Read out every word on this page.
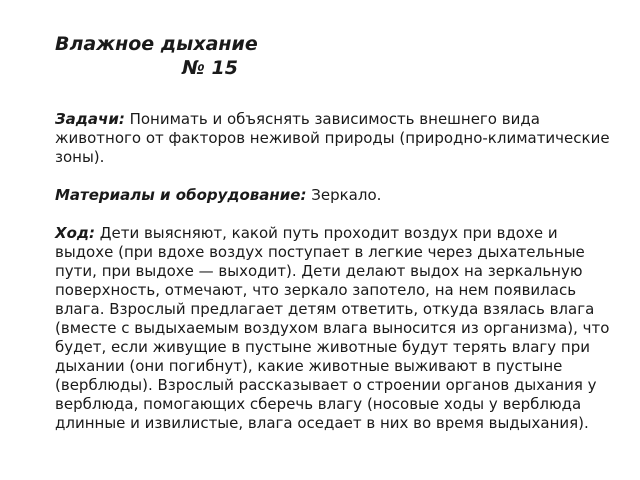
Влажное дыхание
№ 15

Задачи: Понимать и объяснять зависимость внешнего вида животного от факторов неживой природы (природно-климатические зоны).

Материалы и оборудование: Зеркало.

Ход: Дети выясняют, какой путь проходит воздух при вдохе и выдохе (при вдохе воздух поступает в легкие через дыхательные пути, при выдохе — выходит). Дети делают выдох на зеркальную поверхность, отмечают, что зеркало запотело, на нем появилась влага. Взрослый предлагает детям ответить, откуда взялась влага (вместе с выдыхаемым воздухом влага выносится из организма), что будет, если живущие в пустыне животные будут терять влагу при дыхании (они погибнут), какие животные выживают в пустыне (верблюды). Взрослый рассказывает о строении органов дыхания у верблюда, помогающих сберечь влагу (носовые ходы у верблюда длинные и извилистые, влага оседает в них во время выдыхания).
